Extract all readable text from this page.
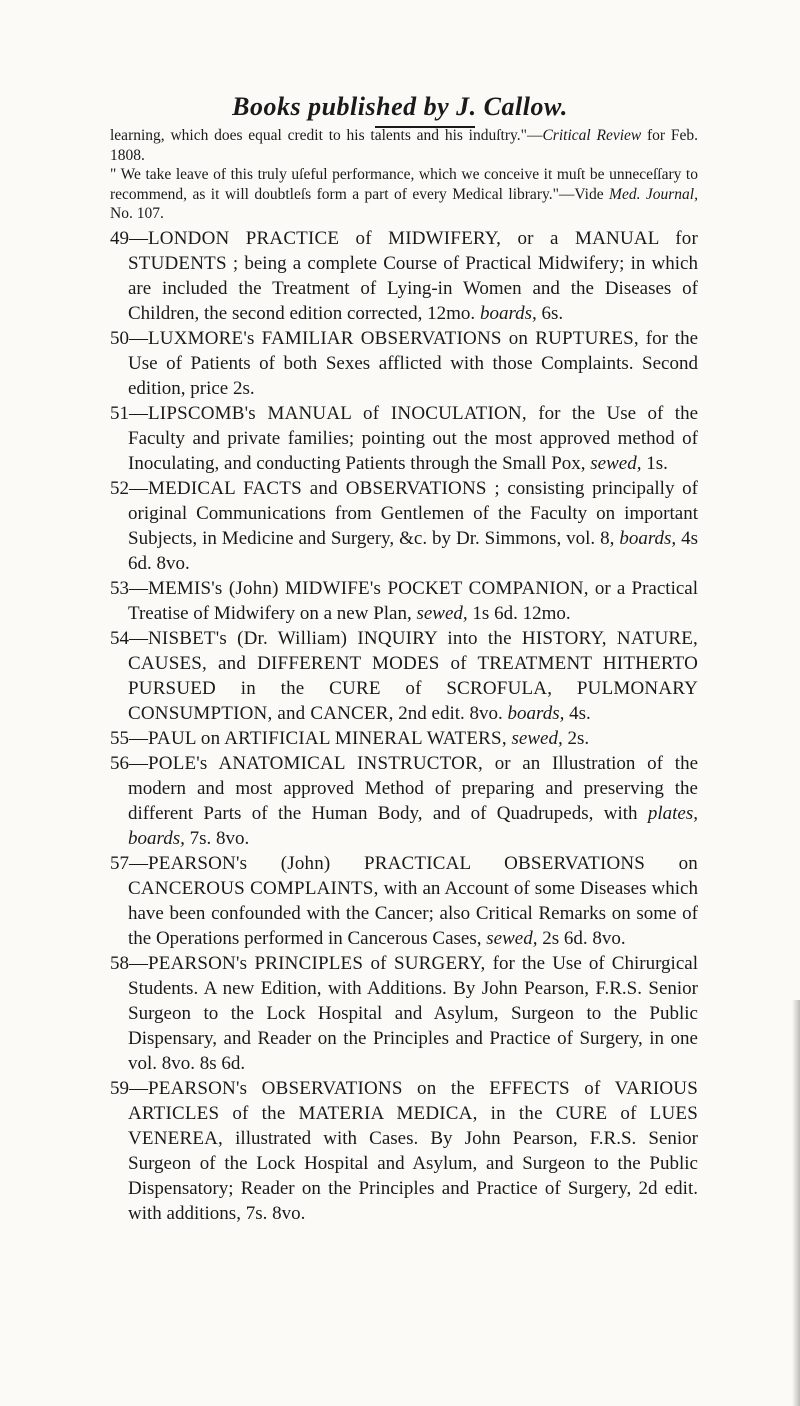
Books published by J. Callow.

learning, which does equal credit to his talents and his induſtry."—Critical Review for Feb. 1808.

" We take leave of this truly uſeful performance, which we conceive it muſt be unneceſſary to recommend, as it will doubtleſs form a part of every Medical library."—Vide Med. Journal, No. 107.

49—LONDON PRACTICE of MIDWIFERY, or a MANUAL for STUDENTS ; being a complete Course of Practical Midwifery; in which are included the Treatment of Lying-in Women and the Diseases of Children, the second edition corrected, 12mo. boards, 6s.

50—LUXMORE's FAMILIAR OBSERVATIONS on RUPTURES, for the Use of Patients of both Sexes afflicted with those Complaints. Second edition, price 2s.

51—LIPSCOMB's MANUAL of INOCULATION, for the Use of the Faculty and private families; pointing out the most approved method of Inoculating, and conducting Patients through the Small Pox, sewed, 1s.

52—MEDICAL FACTS and OBSERVATIONS ; consisting principally of original Communications from Gentlemen of the Faculty on important Subjects, in Medicine and Surgery, &c. by Dr. Simmons, vol. 8, boards, 4s 6d. 8vo.

53—MEMIS's (John) MIDWIFE's POCKET COMPANION, or a Practical Treatise of Midwifery on a new Plan, sewed, 1s 6d. 12mo.

54—NISBET's (Dr. William) INQUIRY into the HISTORY, NATURE, CAUSES, and DIFFERENT MODES of TREATMENT HITHERTO PURSUED in the CURE of SCROFULA, PULMONARY CONSUMPTION, and CANCER, 2nd edit. 8vo. boards, 4s.

55—PAUL on ARTIFICIAL MINERAL WATERS, sewed, 2s.

56—POLE's ANATOMICAL INSTRUCTOR, or an Illustration of the modern and most approved Method of preparing and preserving the different Parts of the Human Body, and of Quadrupeds, with plates, boards, 7s. 8vo.

57—PEARSON's (John) PRACTICAL OBSERVATIONS on CANCEROUS COMPLAINTS, with an Account of some Diseases which have been confounded with the Cancer; also Critical Remarks on some of the Operations performed in Cancerous Cases, sewed, 2s 6d. 8vo.

58—PEARSON's PRINCIPLES of SURGERY, for the Use of Chirurgical Students. A new Edition, with Additions. By John Pearson, F.R.S. Senior Surgeon to the Lock Hospital and Asylum, Surgeon to the Public Dispensary, and Reader on the Principles and Practice of Surgery, in one vol. 8vo. 8s 6d.

59—PEARSON's OBSERVATIONS on the EFFECTS of VARIOUS ARTICLES of the MATERIA MEDICA, in the CURE of LUES VENEREA, illustrated with Cases. By John Pearson, F.R.S. Senior Surgeon of the Lock Hospital and Asylum, and Surgeon to the Public Dispensatory; Reader on the Principles and Practice of Surgery, 2d edit. with additions, 7s. 8vo.
